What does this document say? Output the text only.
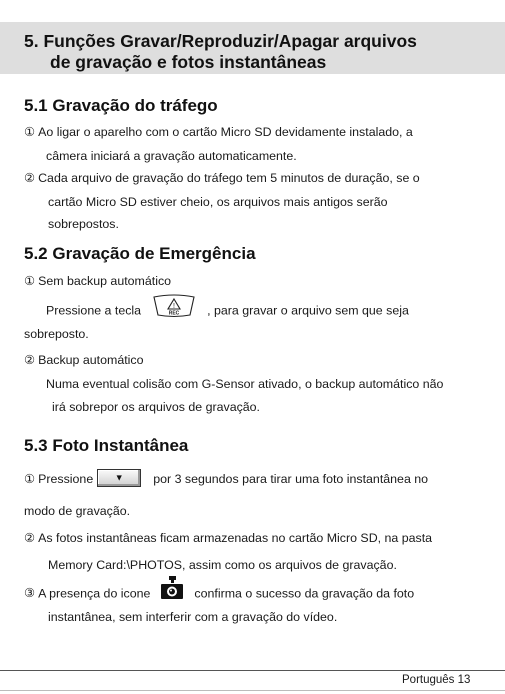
5. Funções Gravar/Reproduzir/Apagar arquivos
de gravação e fotos instantâneas
5.1 Gravação do tráfego

① Ao ligar o aparelho com o cartão Micro SD devidamente instalado, a

câmera iniciará a gravação automaticamente.

② Cada arquivo de gravação do tráfego tem 5 minutos de duração, se o

cartão Micro SD estiver cheio, os arquivos mais antigos serão

sobrepostos.

5.2 Gravação de Emergência

① Sem backup automático

Pressione a tecla	!
REC , para gravar o arquivo sem que seja

sobreposto.

② Backup automático

Numa eventual colisão com G-Sensor ativado, o backup automático não

irá sobrepor os arquivos de gravação.

5.3 Foto Instantânea

① Pressione ▼ por 3 segundos para tirar uma foto instantânea no

modo de gravação.

② As fotos instantâneas ficam armazenadas no cartão Micro SD, na pasta

Memory Card:\PHOTOS, assim como os arquivos de gravação.

③ A presença do icone	confirma o sucesso da gravação da foto

instantânea, sem interferir com a gravação do vídeo.

Português 13
